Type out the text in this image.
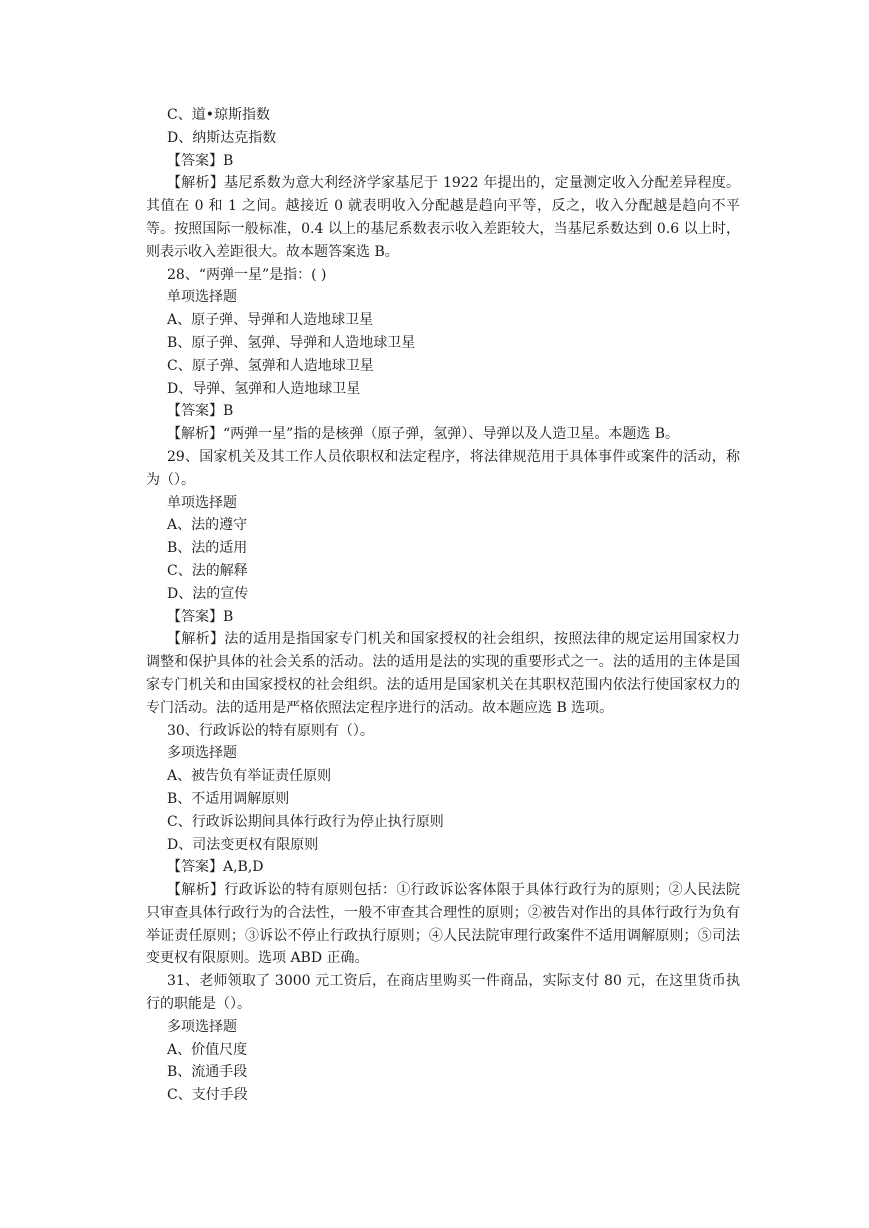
C、道•琼斯指数
D、纳斯达克指数
【答案】B
【解析】基尼系数为意大利经济学家基尼于 1922 年提出的，定量测定收入分配差异程度。其值在 0 和 1 之间。越接近 0 就表明收入分配越是趋向平等，反之，收入分配越是趋向不平等。按照国际一般标准，0.4 以上的基尼系数表示收入差距较大，当基尼系数达到 0.6 以上时，则表示收入差距很大。故本题答案选 B。
28、“两弹一星”是指：( )
单项选择题
A、原子弹、导弹和人造地球卫星
B、原子弹、氢弹、导弹和人造地球卫星
C、原子弹、氢弹和人造地球卫星
D、导弹、氢弹和人造地球卫星
【答案】B
【解析】“两弹一星”指的是核弹（原子弹，氢弹）、导弹以及人造卫星。本题选 B。
29、国家机关及其工作人员依职权和法定程序，将法律规范用于具体事件或案件的活动，称为（）。
单项选择题
A、法的遵守
B、法的适用
C、法的解释
D、法的宣传
【答案】B
【解析】法的适用是指国家专门机关和国家授权的社会组织，按照法律的规定运用国家权力调整和保护具体的社会关系的活动。法的适用是法的实现的重要形式之一。法的适用的主体是国家专门机关和由国家授权的社会组织。法的适用是国家机关在其职权范围内依法行使国家权力的专门活动。法的适用是严格依照法定程序进行的活动。故本题应选 B 选项。
30、行政诉讼的特有原则有（）。
多项选择题
A、被告负有举证责任原则
B、不适用调解原则
C、行政诉讼期间具体行政行为停止执行原则
D、司法变更权有限原则
【答案】A,B,D
【解析】行政诉讼的特有原则包括：①行政诉讼客体限于具体行政行为的原则；②人民法院只审查具体行政行为的合法性，一般不审查其合理性的原则；②被告对作出的具体行政行为负有举证责任原则；③诉讼不停止行政执行原则；④人民法院审理行政案件不适用调解原则；⑤司法变更权有限原则。选项 ABD 正确。
31、老师领取了 3000 元工资后，在商店里购买一件商品，实际支付 80 元，在这里货币执行的职能是（）。
多项选择题
A、价值尺度
B、流通手段
C、支付手段
